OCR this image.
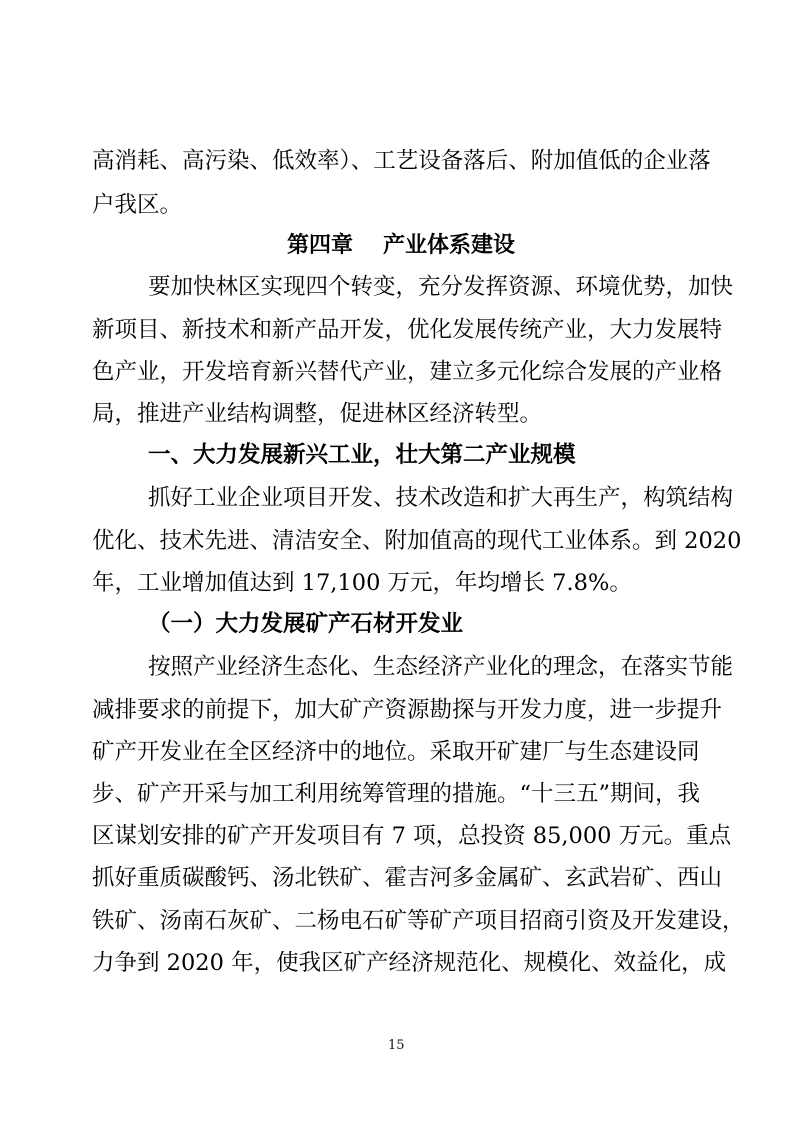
高消耗、高污染、低效率）、工艺设备落后、附加值低的企业落
户我区。
第四章 产业体系建设
要加快林区实现四个转变，充分发挥资源、环境优势，加快
新项目、新技术和新产品开发，优化发展传统产业，大力发展特
色产业，开发培育新兴替代产业，建立多元化综合发展的产业格
局，推进产业结构调整，促进林区经济转型。
一、大力发展新兴工业，壮大第二产业规模
抓好工业企业项目开发、技术改造和扩大再生产，构筑结构
优化、技术先进、清洁安全、附加值高的现代工业体系。到 2020
年，工业增加值达到 17,100 万元，年均增长 7.8%。
（一）大力发展矿产石材开发业
按照产业经济生态化、生态经济产业化的理念，在落实节能
减排要求的前提下，加大矿产资源勘探与开发力度，进一步提升
矿产开发业在全区经济中的地位。采取开矿建厂与生态建设同
步、矿产开采与加工利用统筹管理的措施。“十三五”期间，我
区谋划安排的矿产开发项目有 7 项，总投资 85,000 万元。重点
抓好重质碳酸钙、汤北铁矿、霍吉河多金属矿、玄武岩矿、西山
铁矿、汤南石灰矿、二杨电石矿等矿产项目招商引资及开发建设，
力争到 2020 年，使我区矿产经济规范化、规模化、效益化，成
15
